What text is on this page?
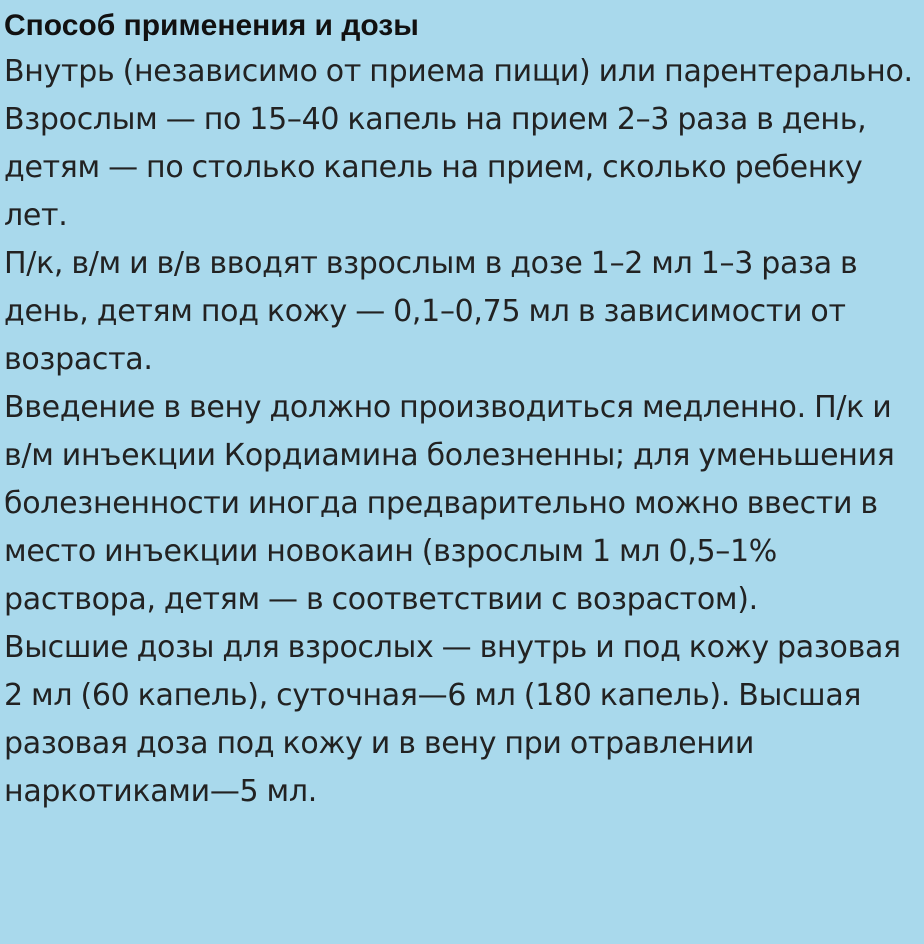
Способ применения и дозы

Внутрь (независимо от приема пищи) или парентерально.

Взрослым — по 15–40 капель на прием 2–3 раза в день, детям — по столько капель на прием, сколько ребенку лет.

П/к, в/м и в/в вводят взрослым в дозе 1–2 мл 1–3 раза в день, детям под кожу — 0,1–0,75 мл в зависимости от возраста.

Введение в вену должно производиться медленно. П/к и в/м инъекции Кордиамина болезненны; для уменьшения болезненности иногда предварительно можно ввести в место инъекции новокаин (взрослым 1 мл 0,5–1% раствора, детям — в соответствии с возрастом).

Высшие дозы для взрослых — внутрь и под кожу разовая 2 мл (60 капель), суточная—6 мл (180 капель). Высшая разовая доза под кожу и в вену при отравлении наркотиками—5 мл.
